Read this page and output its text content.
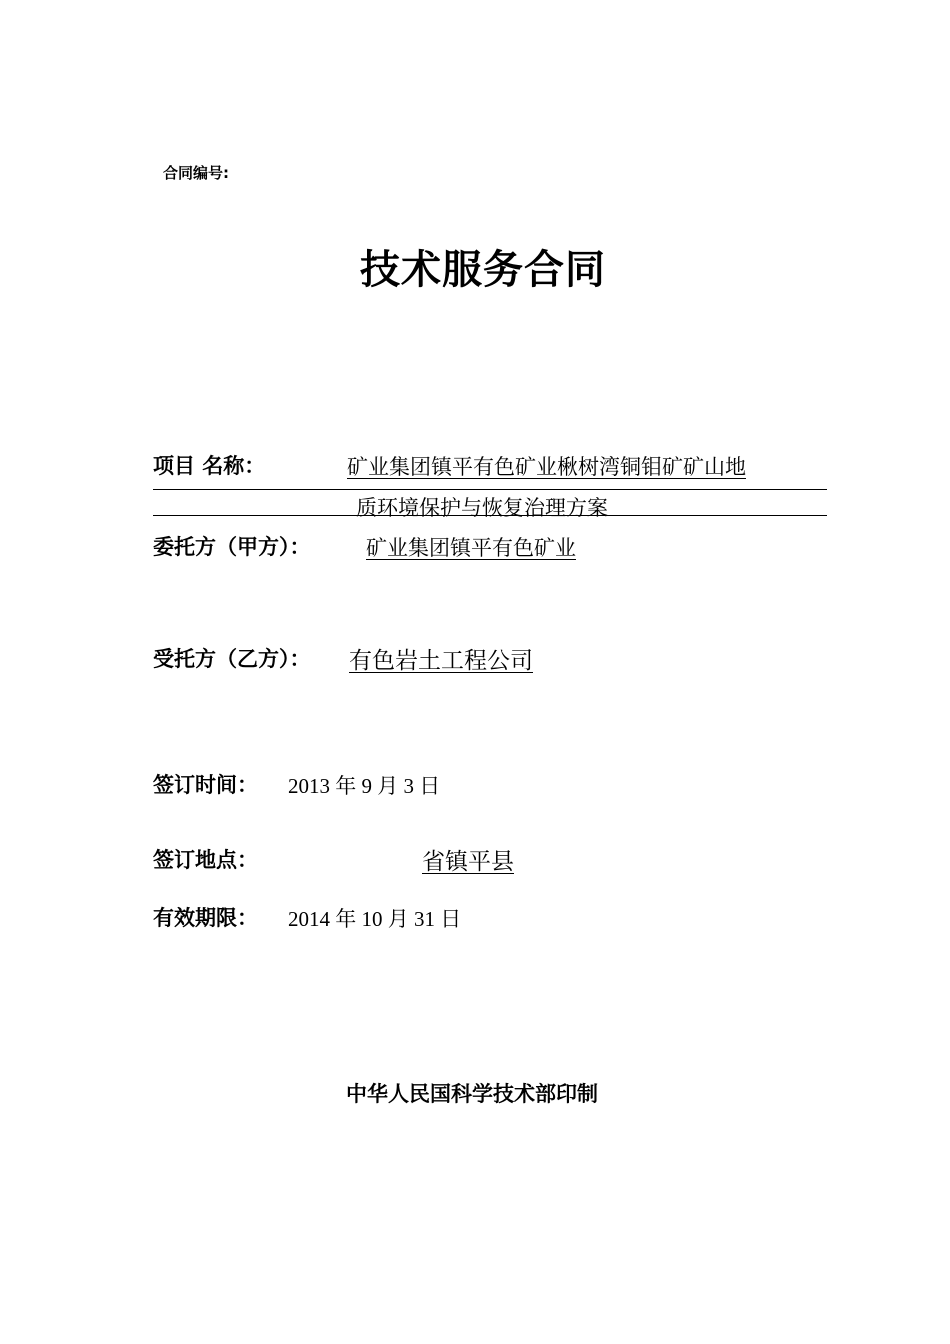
合同编号:
技术服务合同
项目 名称：	矿业集团镇平有色矿业楸树湾铜钼矿矿山地
质环境保护与恢复治理方案
委托方（甲方）：	矿业集团镇平有色矿业
受托方（乙方）： 有色岩土工程公司
签订时间： 2013 年 9 月 3 日
签订地点：	省镇平县
有效期限： 2014 年 10 月 31 日
中华人民国科学技术部印制
